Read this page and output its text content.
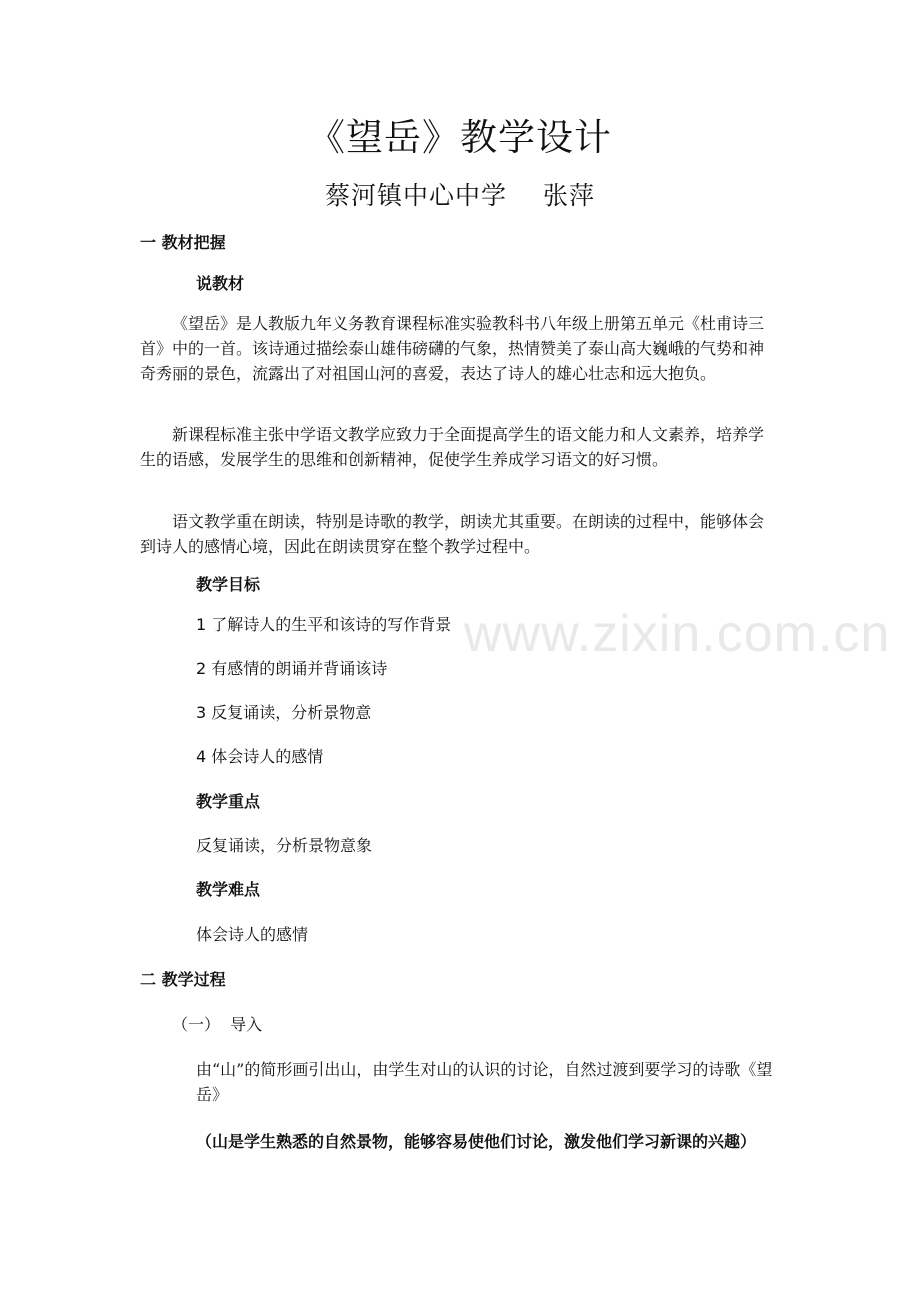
www.zixin.com.cn
《望岳》教学设计
蔡河镇中心中学 张萍
一 教材把握
说教材

《望岳》是人教版九年义务教育课程标准实验教科书八年级上册第五单元《杜甫诗三首》中的一首。该诗通过描绘泰山雄伟磅礴的气象，热情赞美了泰山高大巍峨的气势和神奇秀丽的景色，流露出了对祖国山河的喜爱，表达了诗人的雄心壮志和远大抱负。

新课程标准主张中学语文教学应致力于全面提高学生的语文能力和人文素养，培养学生的语感，发展学生的思维和创新精神，促使学生养成学习语文的好习惯。

语文教学重在朗读，特别是诗歌的教学，朗读尤其重要。在朗读的过程中，能够体会到诗人的感情心境，因此在朗读贯穿在整个教学过程中。

教学目标
1 了解诗人的生平和该诗的写作背景
2 有感情的朗诵并背诵该诗
3 反复诵读，分析景物意
4 体会诗人的感情
教学重点
反复诵读，分析景物意象
教学难点
体会诗人的感情
二 教学过程
（一）  导入

由“山”的简形画引出山，由学生对山的认识的讨论，自然过渡到要学习的诗歌《望岳》

（山是学生熟悉的自然景物，能够容易使他们讨论，激发他们学习新课的兴趣）
